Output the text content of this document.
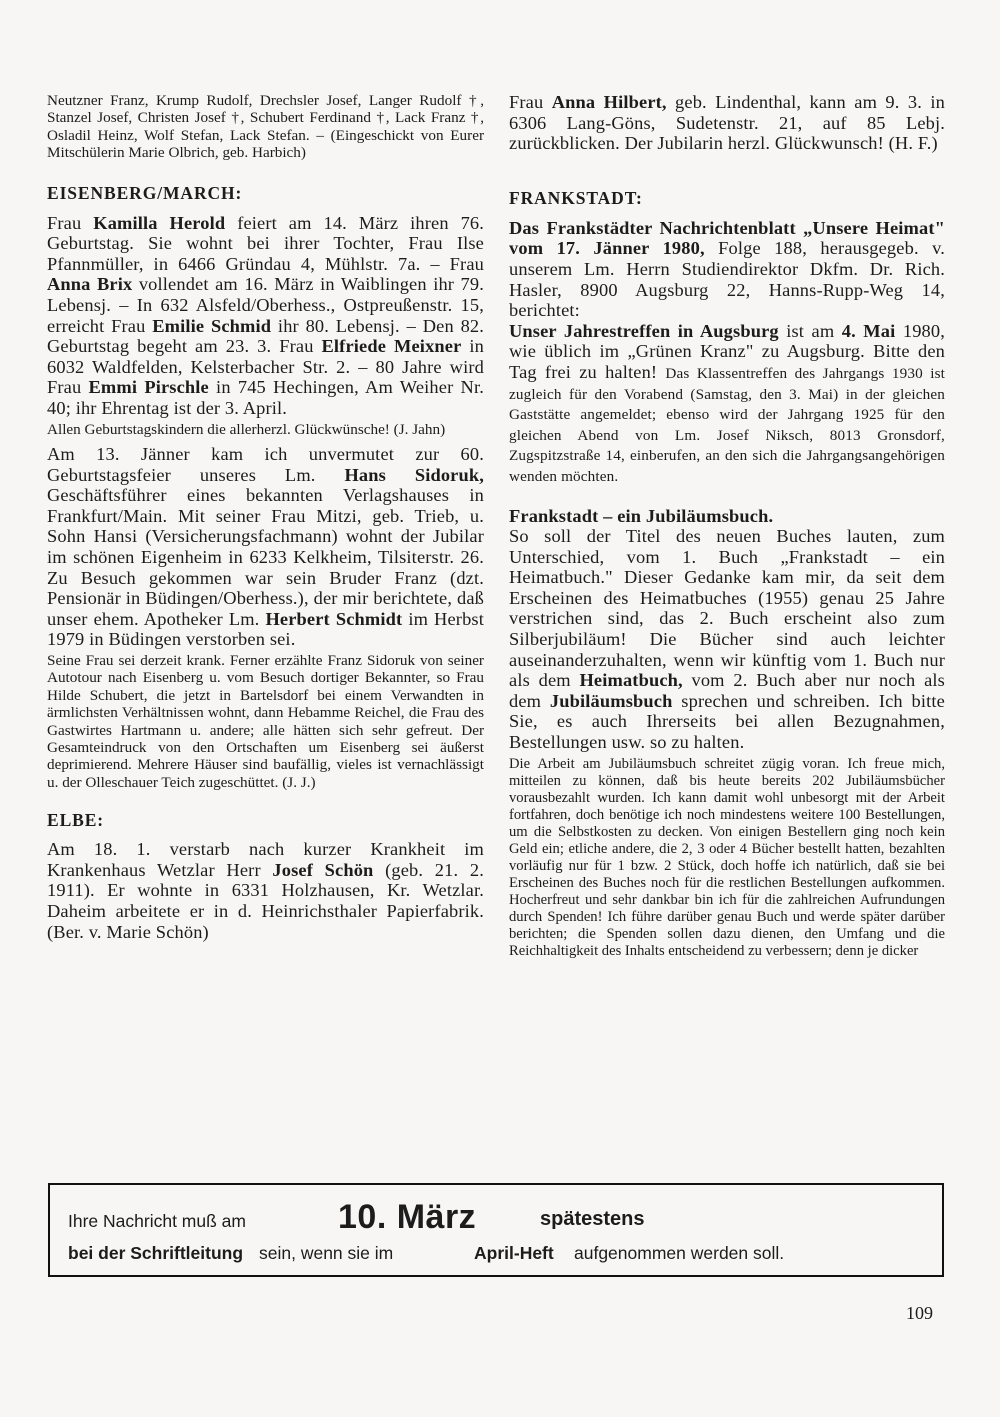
Neutzner Franz, Krump Rudolf, Drechsler Josef, Langer Rudolf †, Stanzel Josef, Christen Josef †, Schubert Ferdinand †, Lack Franz †, Osladil Heinz, Wolf Stefan, Lack Stefan. – (Eingeschickt von Eurer Mitschülerin Marie Olbrich, geb. Harbich)

EISENBERG/MARCH:

Frau Kamilla Herold feiert am 14. März ihren 76. Geburtstag. Sie wohnt bei ihrer Tochter, Frau Ilse Pfannmüller, in 6466 Gründau 4, Mühlstr. 7a. – Frau Anna Brix vollendet am 16. März in Waiblingen ihr 79. Lebensj. – In 632 Alsfeld/Oberhess., Ostpreußenstr. 15, erreicht Frau Emilie Schmid ihr 80. Lebensj. – Den 82. Geburtstag begeht am 23. 3. Frau Elfriede Meixner in 6032 Waldfelden, Kelsterbacher Str. 2. – 80 Jahre wird Frau Emmi Pirschle in 745 Hechingen, Am Weiher Nr. 40; ihr Ehrentag ist der 3. April.

Allen Geburtstagskindern die allerherzl. Glückwünsche! (J. Jahn)

Am 13. Jänner kam ich unvermutet zur 60. Geburtstagsfeier unseres Lm. Hans Sidoruk, Geschäftsführer eines bekannten Verlagshauses in Frankfurt/Main. Mit seiner Frau Mitzi, geb. Trieb, u. Sohn Hansi (Versicherungsfachmann) wohnt der Jubilar im schönen Eigenheim in 6233 Kelkheim, Tilsiterstr. 26. Zu Besuch gekommen war sein Bruder Franz (dzt. Pensionär in Büdingen/Oberhess.), der mir berichtete, daß unser ehem. Apotheker Lm. Herbert Schmidt im Herbst 1979 in Büdingen verstorben sei.

Seine Frau sei derzeit krank. Ferner erzählte Franz Sidoruk von seiner Autotour nach Eisenberg u. vom Besuch dortiger Bekannter, so Frau Hilde Schubert, die jetzt in Bartelsdorf bei einem Verwandten in ärmlichsten Verhältnissen wohnt, dann Hebamme Reichel, die Frau des Gastwirtes Hartmann u. andere; alle hätten sich sehr gefreut. Der Gesamteindruck von den Ortschaften um Eisenberg sei äußerst deprimierend. Mehrere Häuser sind baufällig, vieles ist vernachlässigt u. der Olleschauer Teich zugeschüttet. (J. J.)

ELBE:

Am 18. 1. verstarb nach kurzer Krankheit im Krankenhaus Wetzlar Herr Josef Schön (geb. 21. 2. 1911). Er wohnte in 6331 Holzhausen, Kr. Wetzlar. Daheim arbeitete er in d. Heinrichsthaler Papierfabrik. (Ber. v. Marie Schön)

Frau Anna Hilbert, geb. Lindenthal, kann am 9. 3. in 6306 Lang-Göns, Sudetenstr. 21, auf 85 Lebj. zurückblicken. Der Jubilarin herzl. Glückwunsch! (H. F.)

FRANKSTADT:

Das Frankstädter Nachrichtenblatt „Unsere Heimat" vom 17. Jänner 1980, Folge 188, herausgegeb. v. unserem Lm. Herrn Studiendirektor Dkfm. Dr. Rich. Hasler, 8900 Augsburg 22, Hanns-Rupp-Weg 14, berichtet:

Unser Jahrestreffen in Augsburg ist am 4. Mai 1980, wie üblich im „Grünen Kranz" zu Augsburg. Bitte den Tag frei zu halten! Das Klassentreffen des Jahrgangs 1930 ist zugleich für den Vorabend (Samstag, den 3. Mai) in der gleichen Gaststätte angemeldet; ebenso wird der Jahrgang 1925 für den gleichen Abend von Lm. Josef Niksch, 8013 Gronsdorf, Zugspitzstraße 14, einberufen, an den sich die Jahrgangsangehörigen wenden möchten.

Frankstadt – ein Jubiläumsbuch.

So soll der Titel des neuen Buches lauten, zum Unterschied, vom 1. Buch „Frankstadt – ein Heimatbuch." Dieser Gedanke kam mir, da seit dem Erscheinen des Heimatbuches (1955) genau 25 Jahre verstrichen sind, das 2. Buch erscheint also zum Silberjubiläum! Die Bücher sind auch leichter auseinanderzuhalten, wenn wir künftig vom 1. Buch nur als dem Heimatbuch, vom 2. Buch aber nur noch als dem Jubiläumsbuch sprechen und schreiben. Ich bitte Sie, es auch Ihrerseits bei allen Bezugnahmen, Bestellungen usw. so zu halten.

Die Arbeit am Jubiläumsbuch schreitet zügig voran. Ich freue mich, mitteilen zu können, daß bis heute bereits 202 Jubiläumsbücher vorausbezahlt wurden. Ich kann damit wohl unbesorgt mit der Arbeit fortfahren, doch benötige ich noch mindestens weitere 100 Bestellungen, um die Selbstkosten zu decken. Von einigen Bestellern ging noch kein Geld ein; etliche andere, die 2, 3 oder 4 Bücher bestellt hatten, bezahlten vorläufig nur für 1 bzw. 2 Stück, doch hoffe ich natürlich, daß sie bei Erscheinen des Buches noch für die restlichen Bestellungen aufkommen. Hocherfreut und sehr dankbar bin ich für die zahlreichen Aufrundungen durch Spenden! Ich führe darüber genau Buch und werde später darüber berichten; die Spenden sollen dazu dienen, den Umfang und die Reichhaltigkeit des Inhalts entscheidend zu verbessern; denn je dicker

Ihre Nachricht muß am	10. März	spätestens
bei der Schriftleitung sein, wenn sie im	April-Heft aufgenommen werden soll.
109
